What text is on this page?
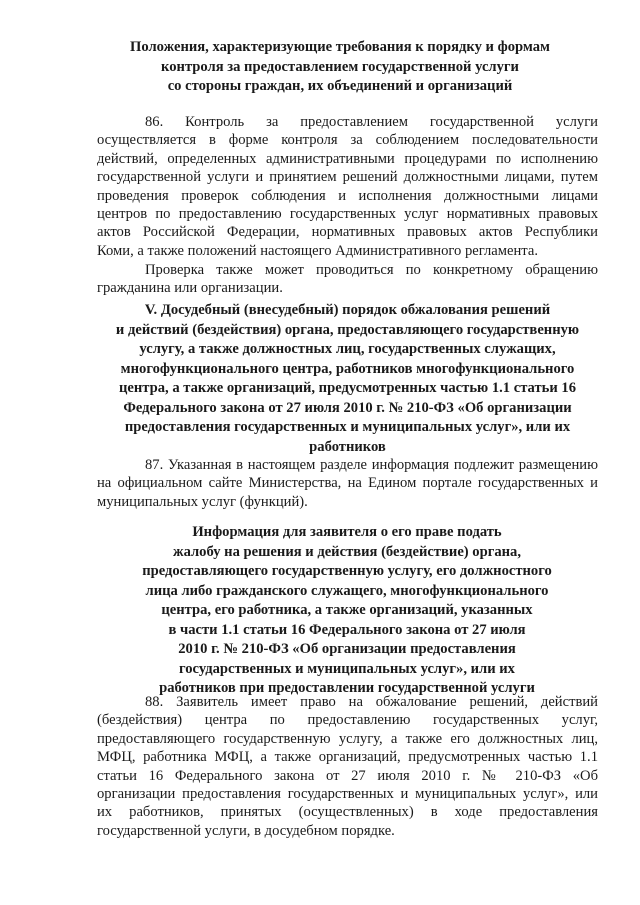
Положения, характеризующие требования к порядку и формам
контроля за предоставлением государственной услуги
со стороны граждан, их объединений и организаций
86. Контроль за предоставлением государственной услуги
осуществляется в форме контроля за соблюдением последовательности
действий, определенных административными процедурами по исполнению
государственной услуги и принятием решений должностными лицами, путем
проведения проверок соблюдения и исполнения должностными лицами
центров по предоставлению государственных услуг нормативных правовых
актов Российской Федерации, нормативных правовых актов Республики
Коми, а также положений настоящего Административного регламента.
Проверка также может проводиться по конкретному обращению
гражданина или организации.
V. Досудебный (внесудебный) порядок обжалования решений
и действий (бездействия) органа, предоставляющего государственную
услугу, а также должностных лиц, государственных служащих,
многофункционального центра, работников многофункционального
центра, а также организаций, предусмотренных частью 1.1 статьи 16
Федерального закона от 27 июля 2010 г. № 210-ФЗ «Об организации
предоставления государственных и муниципальных услуг», или их
работников
87. Указанная в настоящем разделе информация подлежит размещению
на официальном сайте Министерства, на Едином портале государственных и
муниципальных услуг (функций).
Информация для заявителя о его праве подать
жалобу на решения и действия (бездействие) органа,
предоставляющего государственную услугу, его должностного
лица либо гражданского служащего, многофункционального
центра, его работника, а также организаций, указанных
в части 1.1 статьи 16 Федерального закона от 27 июля
2010 г. № 210-ФЗ «Об организации предоставления
государственных и муниципальных услуг», или их
работников при предоставлении государственной услуги
88. Заявитель имеет право на обжалование решений, действий
(бездействия) центра по предоставлению государственных услуг,
предоставляющего государственную услугу, а также его должностных лиц,
МФЦ, работника МФЦ, а также организаций, предусмотренных частью 1.1
статьи 16 Федерального закона от 27 июля 2010 г. № 210-ФЗ «Об
организации предоставления государственных и муниципальных услуг», или
их работников, принятых (осуществленных) в ходе предоставления
государственной услуги, в досудебном порядке.
